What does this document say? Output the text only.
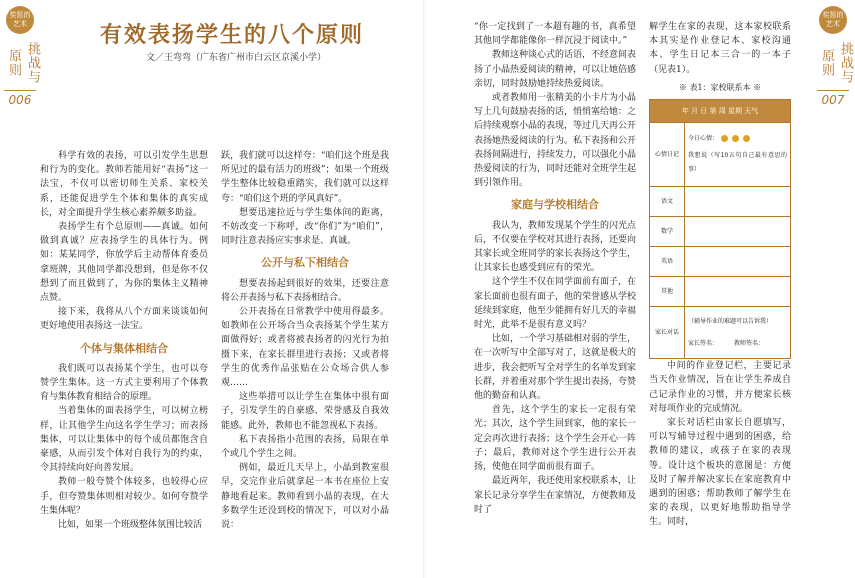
奖惩的艺术
挑战与原则
006
有效表扬学生的八个原则
文／王弯弯（广东省广州市白云区京溪小学）

科学有效的表扬，可以引发学生思想和行为的变化。教师若能用好“表扬”这一法宝，不仅可以密切师生关系、家校关系，还能促进学生个体和集体的真实成长，对全面提升学生核心素养颇多助益。

表扬学生有个总原则——真诚。如何做到真诚？应表扬学生的具体行为。例如：某某同学，你放学后主动帮体育委员拿班牌，其他同学都没想到，但是你不仅想到了而且做到了，为你的集体主义精神点赞。

接下来，我将从八个方面来谈谈如何更好地使用表扬这一法宝。

个体与集体相结合

我们既可以表扬某个学生，也可以夸赞学生集体。这一方式主要利用了个体教育与集体教育相结合的原理。

当着集体的面表扬学生，可以树立榜样，让其他学生向这名学生学习；而表扬集体，可以让集体中的每个成员都饱含自豪感，从而引发个体对自我行为的约束，令其持续向好向善发展。

教师一般夸赞个体较多，也较得心应手，但夸赞集体则相对较少。如何夸赞学生集体呢？

比如，如果一个班级整体氛围比较活

跃，我们就可以这样夸：“咱们这个班是我所见过的最有活力的班级”；如果一个班级学生整体比较稳重踏实，我们就可以这样夸：“咱们这个班的学风真好”。

想要迅速拉近与学生集体间的距离，不妨改变一下称呼，改“你们”为“咱们”，同时注意表扬应实事求是、真诚。

公开与私下相结合

想要表扬起到很好的效果，还要注意将公开表扬与私下表扬相结合。

公开表扬在日常教学中使用得最多。如教师在公开场合当众表扬某个学生某方面做得好；或者将被表扬者的闪光行为拍摄下来，在家长群里进行表扬；又或者将学生的优秀作品张贴在公众场合供人参观……

这些举措可以让学生在集体中很有面子，引发学生的自豪感、荣誉感及自我效能感。此外，教师也不能忽视私下表扬。

私下表扬指小范围的表扬，局限在单个或几个学生之间。

例如，最近几天早上，小晶到教室很早，交完作业后就拿起一本书在座位上安静地看起来。教师看到小晶的表现，在大多数学生还没到校的情况下，可以对小晶说：

奖惩的艺术
挑战与原则
007

“你一定找到了一本超有趣的书，真希望其他同学都能像你一样沉浸于阅读中。”

教师这种谈心式的话语，不经意间表扬了小晶热爱阅读的精神，可以让她倍感亲切，同时鼓励她持续热爱阅读。

或者教师用一张精美的小卡片为小晶写上几句鼓励表扬的话，悄悄塞给她：之后持续观察小晶的表现，等过几天再公开表扬她热爱阅读的行为。私下表扬和公开表扬间隔进行，持续发力，可以强化小晶热爱阅读的行为，同时还能对全班学生起到引领作用。

家庭与学校相结合

我认为，教师发现某个学生的闪光点后，不仅要在学校对其进行表扬，还要向其家长或全班同学的家长表扬这个学生，让其家长也感受到应有的荣光。

这个学生不仅在同学面前有面子，在家长面前也很有面子，他的荣誉感从学校延续到家庭，他至少能拥有好几天的幸福时光，此举不是很有意义吗？

比如，一个学习基础相对弱的学生，在一次听写中全部写对了，这就是极大的进步，我会把听写全对学生的名单发到家长群，并着重对那个学生提出表扬，夸赞他的勤奋和认真。

首先，这个学生的家长一定很有荣光；其次，这个学生回到家，他的家长一定会再次进行表扬；这个学生会开心一阵子；最后，教师对这个学生进行公开表扬，使他在同学面前很有面子。

最近两年，我还使用家校联系本，让家长记录分享学生在家情况，方便教师及时了

解学生在家的表现，这本家校联系本其实是作业登记本、家校沟通本、学生日记本三合一的一本子（见表1）。

※ 表1：家校联系本 ※
年 月 日 第 周 星期 天气	
心情日记	今日心情：
我想说（写10五句自己最有意思的事）

语文	
数学	
英语	
其他	
家长对话	（辅导作业的难题可以告诉我）
家长签名： 教师签名：

中间的作业登记栏，主要记录当天作业情况，旨在让学生养成自己记录作业的习惯，并方便家长核对每项作业的完成情况。

家长对话栏由家长自愿填写，可以写辅导过程中遇到的困惑，给教师的建议，或孩子在家的表现等。设计这个板块的意图是：方便及时了解并解决家长在家庭教育中遇到的困惑；帮助教师了解学生在家的表现，以更好地帮助指导学生。同时，
